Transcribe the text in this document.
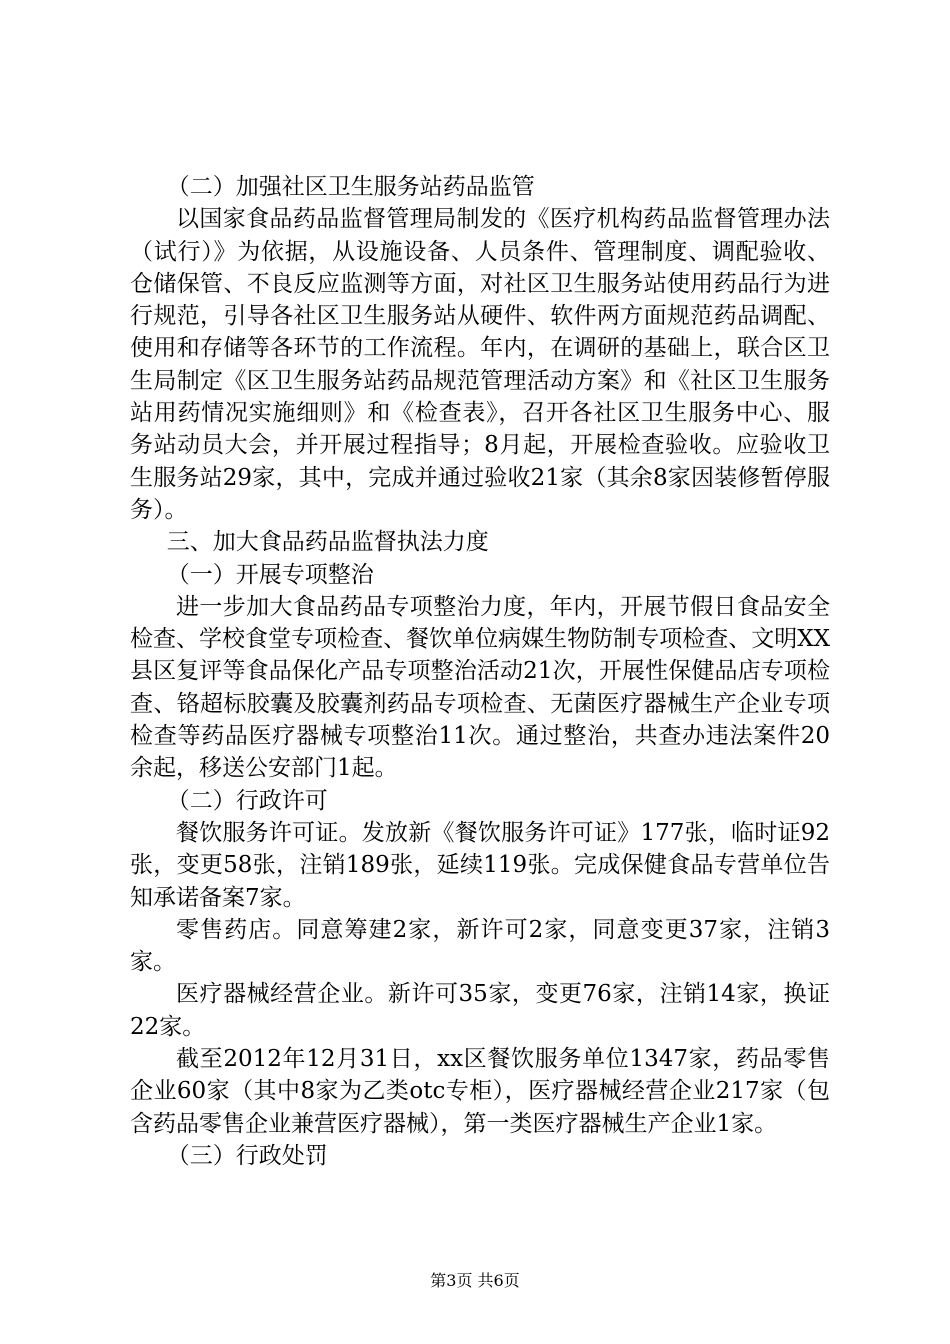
（二）加强社区卫生服务站药品监管

以国家食品药品监督管理局制发的《医疗机构药品监督管理办法（试行）》为依据，从设施设备、人员条件、管理制度、调配验收、仓储保管、不良反应监测等方面，对社区卫生服务站使用药品行为进行规范，引导各社区卫生服务站从硬件、软件两方面规范药品调配、使用和存储等各环节的工作流程。年内，在调研的基础上，联合区卫生局制定《区卫生服务站药品规范管理活动方案》和《社区卫生服务站用药情况实施细则》和《检查表》，召开各社区卫生服务中心、服务站动员大会，并开展过程指导；8月起，开展检查验收。应验收卫生服务站29家，其中，完成并通过验收21家（其余8家因装修暂停服务）。

三、加大食品药品监督执法力度

（一）开展专项整治

进一步加大食品药品专项整治力度，年内，开展节假日食品安全检查、学校食堂专项检查、餐饮单位病媒生物防制专项检查、文明XX县区复评等食品保化产品专项整治活动21次，开展性保健品店专项检查、铬超标胶囊及胶囊剂药品专项检查、无菌医疗器械生产企业专项检查等药品医疗器械专项整治11次。通过整治，共查办违法案件20余起，移送公安部门1起。

（二）行政许可

餐饮服务许可证。发放新《餐饮服务许可证》177张，临时证92张，变更58张，注销189张，延续119张。完成保健食品专营单位告知承诺备案7家。

零售药店。同意筹建2家，新许可2家，同意变更37家，注销3家。

医疗器械经营企业。新许可35家，变更76家，注销14家，换证22家。

截至2012年12月31日，xx区餐饮服务单位1347家，药品零售企业60家（其中8家为乙类otc专柜），医疗器械经营企业217家（包含药品零售企业兼营医疗器械），第一类医疗器械生产企业1家。

（三）行政处罚

第3页 共6页
